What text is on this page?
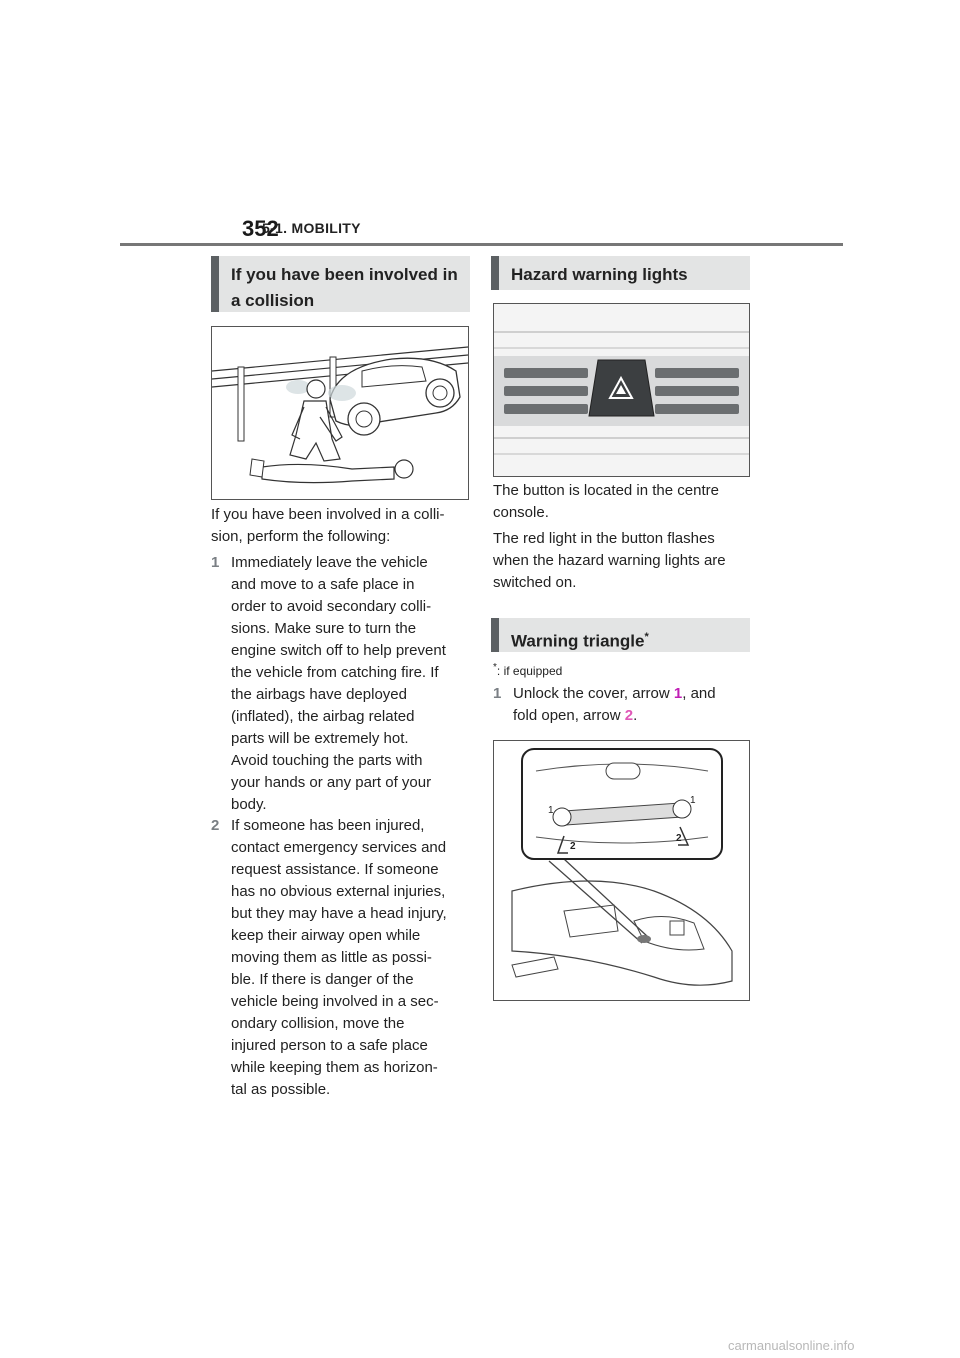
352
5-1. MOBILITY
If you have been involved in a collision
If you have been involved in a colli-
sion, perform the following:
1 Immediately leave the vehicle
and move to a safe place in
order to avoid secondary colli-
sions. Make sure to turn the
engine switch off to help prevent
the vehicle from catching fire. If
the airbags have deployed
(inflated), the airbag related
parts will be extremely hot.
Avoid touching the parts with
your hands or any part of your
body.
2 If someone has been injured,
contact emergency services and
request assistance. If someone
has no obvious external injuries,
but they may have a head injury,
keep their airway open while
moving them as little as possi-
ble. If there is danger of the
vehicle being involved in a sec-
ondary collision, move the
injured person to a safe place
while keeping them as horizon-
tal as possible.
Hazard warning lights
The button is located in the centre
console.
The red light in the button flashes
when the hazard warning lights are
switched on.
Warning triangle*
*: if equipped
1 Unlock the cover, arrow 1, and
fold open, arrow 2.
1
1
2
2
carmanualsonline.info
